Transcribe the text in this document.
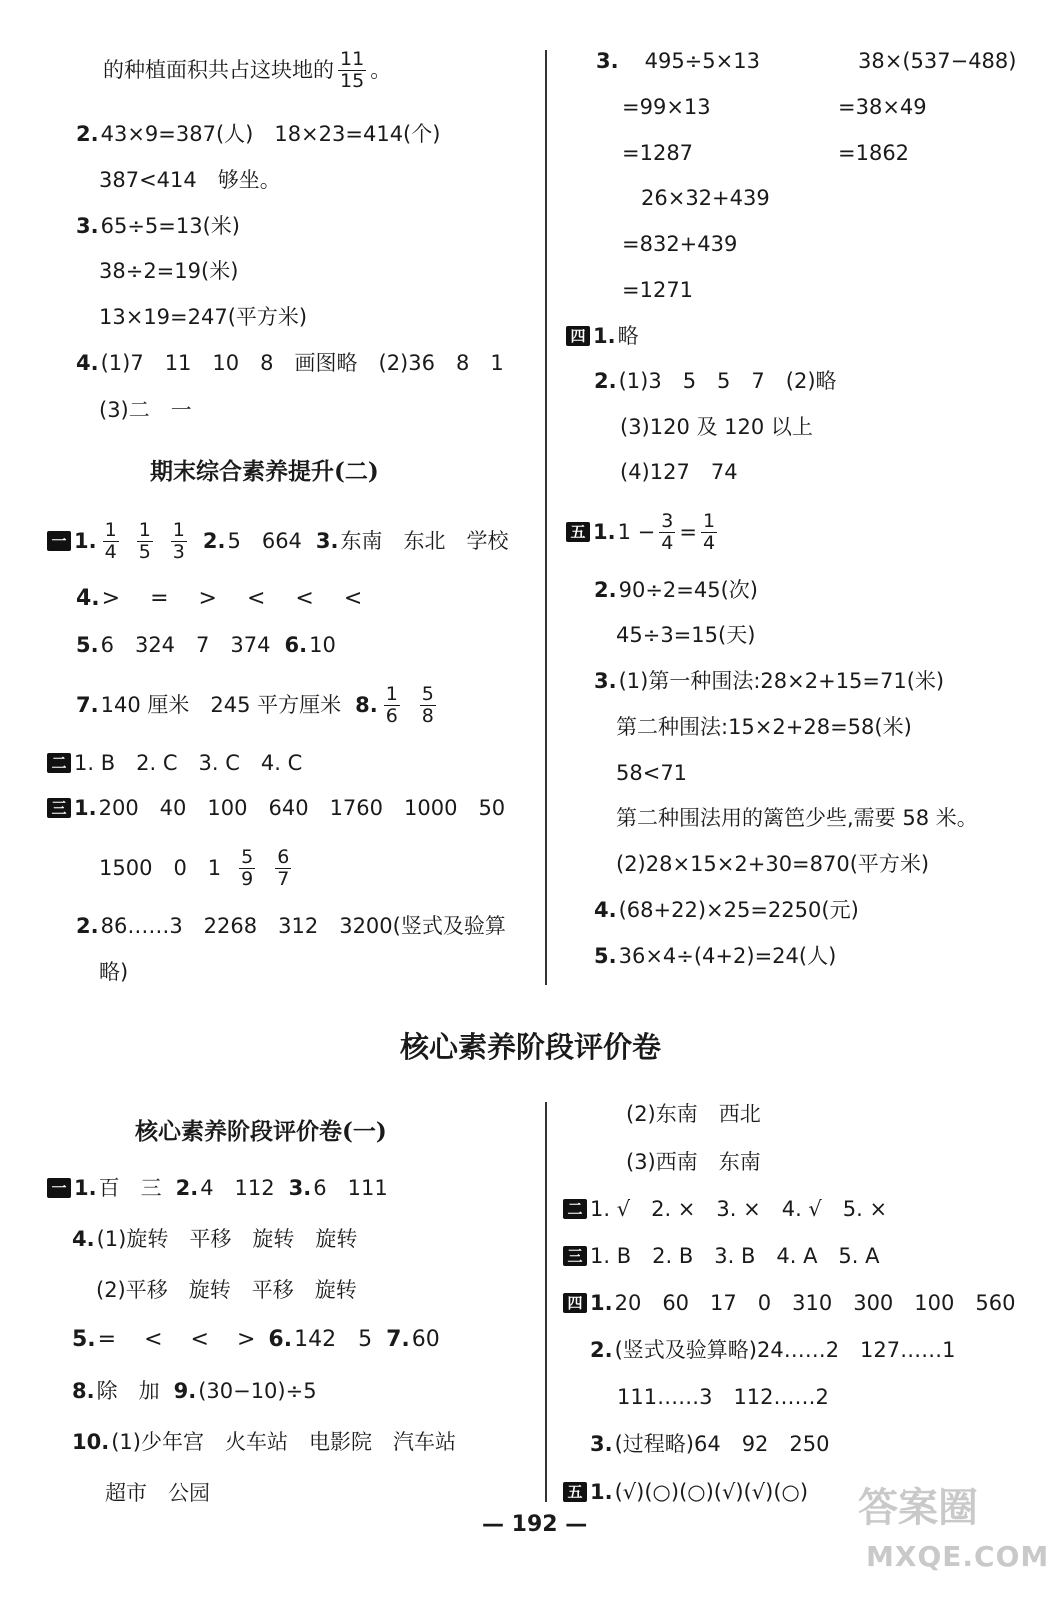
的种植面积共占这块地的 $\frac{11}{15}$ 。
2. 43×9=387(人)　18×23=414(个)
387<414　够坐。
3. 65÷5=13(米)
38÷2=19(米)
13×19=247(平方米)
4. (1)7　11　10　8　画图略　(2)36　8　1
(3)二　一
期末综合素养提升(二)
一 1. $\frac{1}{4} \frac{1}{5} \frac{1}{3} 2$. 5　664 3. 东南　东北　学校
4. >　=　>　<　<　<
5. 6　324　7　374 6. 10
7. 140 厘米　245 平方厘米 8. $\frac{1}{6} \frac{5}{8}$
二 1. B　2. C　3. C　4. C
三 1. 200　40　100　640　1760　1000　50
1500　0　$1 \frac{5}{9} \frac{6}{7}$
2. 86……3　2268　312　3200(竖式及验算
略)
3. 495÷5×13	38×(537−488)
=99×13	=38×49
=1287	=1862
26×32+439
=832+439
=1271
四 1. 略
2. (1)3　5　5　7　(2)略
(3)120 及 120 以上
(4)127　74
五 1. $1 - \frac{3}{4} = \frac{1}{4}$
2. 90÷2=45(次)
45÷3=15(天)
3. (1)第一种围法:28×2+15=71(米)
第二种围法:15×2+28=58(米)
58<71
第二种围法用的篱笆少些,需要 58 米。
(2)28×15×2+30=870(平方米)
4. (68+22)×25=2250(元)
5. 36×4÷(4+2)=24(人)
核心素养阶段评价卷
核心素养阶段评价卷(一)
一 1. 百　三 2. 4　112 3. 6　111
4. (1)旋转　平移　旋转　旋转
(2)平移　旋转　平移　旋转
5. =　<　<　> 6. 142　5 7. 60
8. 除　加 9. (30−10)÷5
10. (1)少年宫　火车站　电影院　汽车站
超市　公园
(2)东南　西北
(3)西南　东南
二 1. √　2. ×　3. ×　4. √　5. ×
三 1. B　2. B　3. B　4. A　5. A
四 1. 20　60　17　0　310　300　100　560
2. (竖式及验算略)24……2　127……1
111……3　112……2
3. (过程略)64　92　250
五 1. (√)(○)(○)(√)(√)(○)
— 192 —	答案圈
MXQE.COM
